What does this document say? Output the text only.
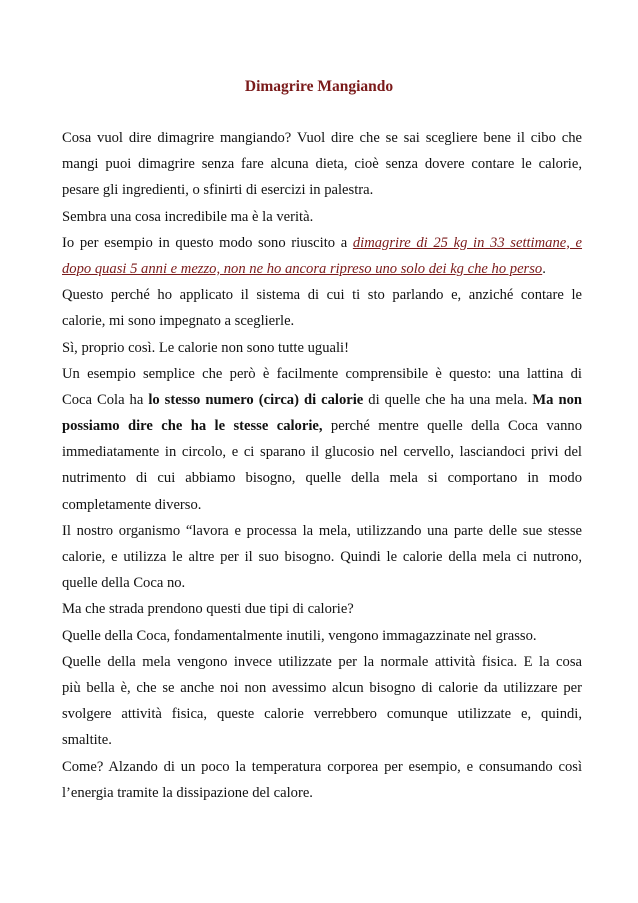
Dimagrire Mangiando
Cosa vuol dire dimagrire mangiando? Vuol dire che se sai scegliere bene il cibo che
mangi puoi dimagrire senza fare alcuna dieta, cioè senza dovere contare le calorie,
pesare gli ingredienti, o sfinirti di esercizi in palestra.
Sembra una cosa incredibile ma è la verità.
Io per esempio in questo modo sono riuscito a dimagrire di 25 kg in 33 settimane, e
dopo quasi 5 anni e mezzo, non ne ho ancora ripreso uno solo dei kg che ho perso.
Questo perché ho applicato il sistema di cui ti sto parlando e, anziché contare le
calorie, mi sono impegnato a sceglierle.
Sì, proprio così. Le calorie non sono tutte uguali!
Un esempio semplice che però è facilmente comprensibile è questo: una lattina di
Coca Cola ha lo stesso numero (circa) di calorie di quelle che ha una mela. Ma non
possiamo dire che ha le stesse calorie, perché mentre quelle della Coca vanno
immediatamente in circolo, e ci sparano il glucosio nel cervello, lasciandoci privi del
nutrimento di cui abbiamo bisogno, quelle della mela si comportano in modo
completamente diverso.
Il nostro organismo “lavora e processa la mela, utilizzando una parte delle sue stesse
calorie, e utilizza le altre per il suo bisogno. Quindi le calorie della mela ci nutrono,
quelle della Coca no.
Ma che strada prendono questi due tipi di calorie?
Quelle della Coca, fondamentalmente inutili, vengono immagazzinate nel grasso.
Quelle della mela vengono invece utilizzate per la normale attività fisica. E la cosa
più bella è, che se anche noi non avessimo alcun bisogno di calorie da utilizzare per
svolgere attività fisica, queste calorie verrebbero comunque utilizzate e, quindi,
smaltite.
Come? Alzando di un poco la temperatura corporea per esempio, e consumando così
l’energia tramite la dissipazione del calore.
